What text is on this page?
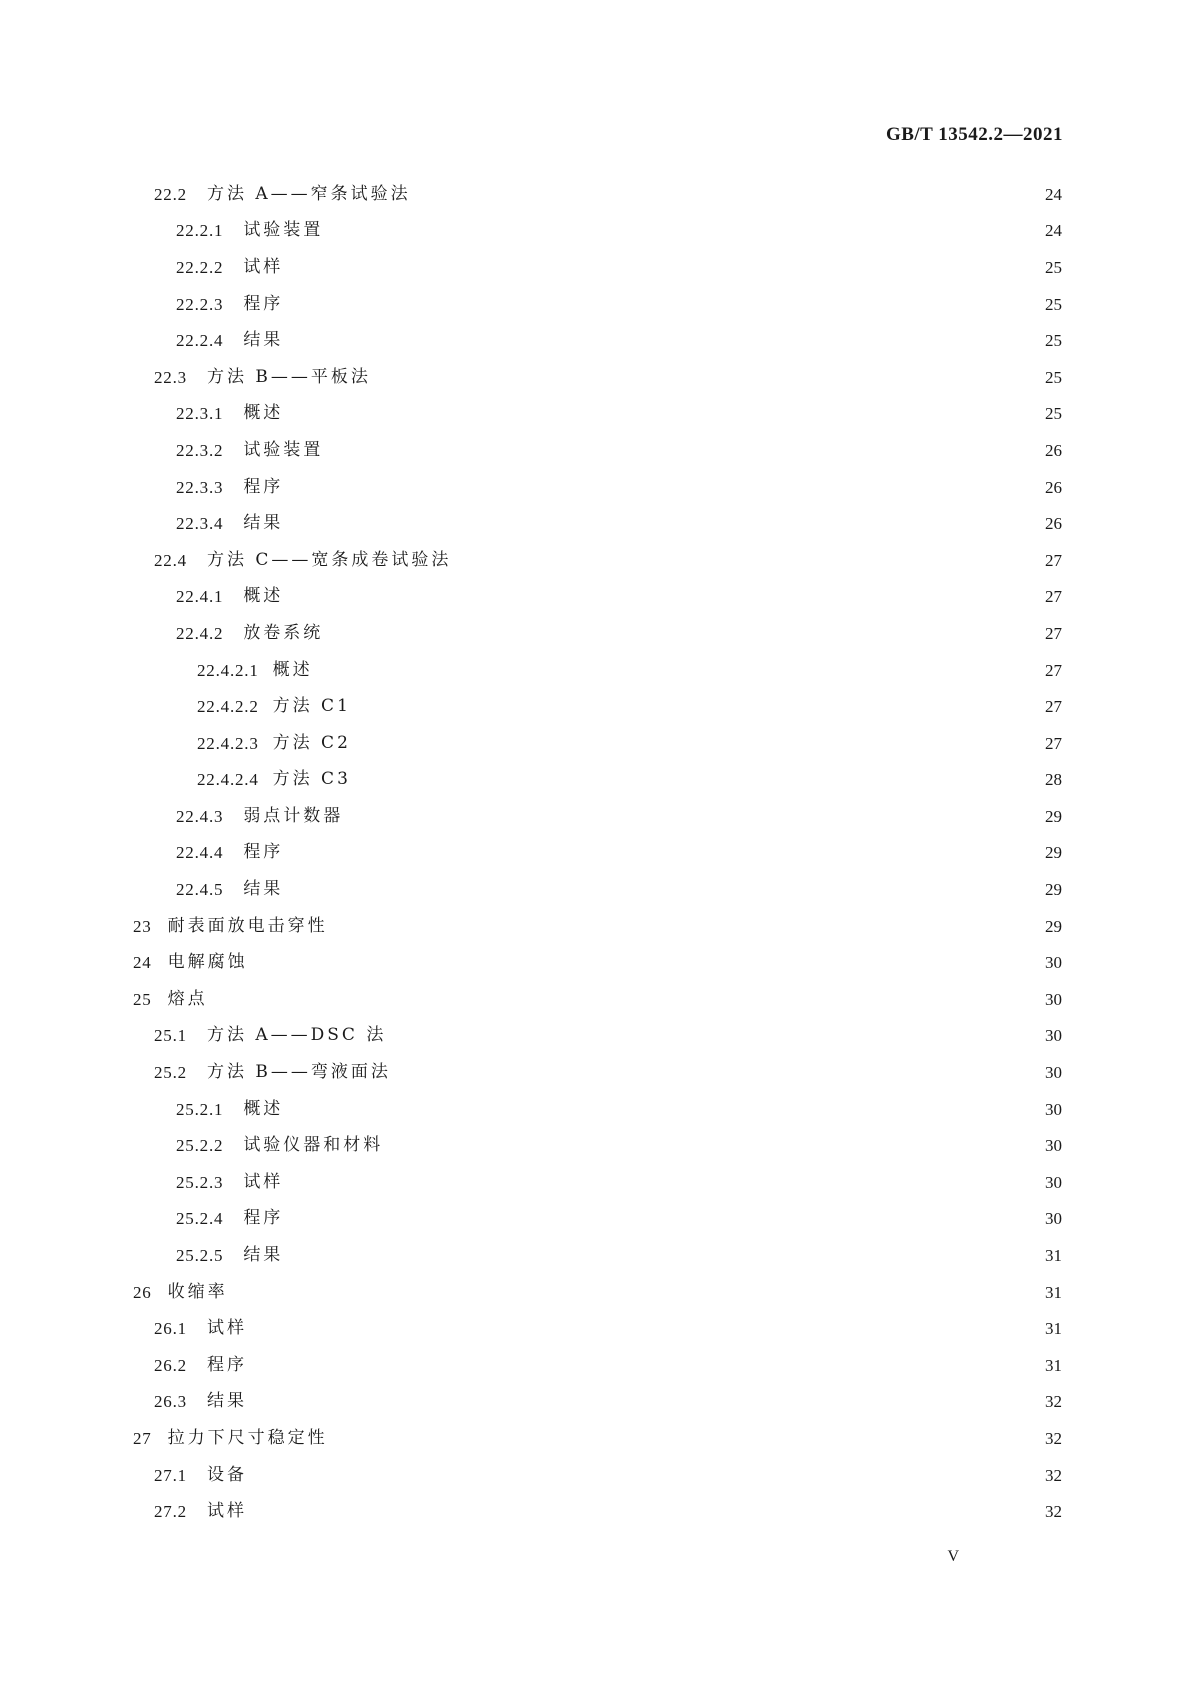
GB/T 13542.2—2021
22.2 方法 A——窄条试验法	24
22.2.1 试验装置	24
22.2.2 试样	25
22.2.3 程序	25
22.2.4 结果	25
22.3 方法 B——平板法	25
22.3.1 概述	25
22.3.2 试验装置	26
22.3.3 程序	26
22.3.4 结果	26
22.4 方法 C——宽条成卷试验法	27
22.4.1 概述	27
22.4.2 放卷系统	27
22.4.2.1 概述	27
22.4.2.2 方法 C1	27
22.4.2.3 方法 C2	27
22.4.2.4 方法 C3	28
22.4.3 弱点计数器	29
22.4.4 程序	29
22.4.5 结果	29
23 耐表面放电击穿性	29
24 电解腐蚀	30
25 熔点	30
25.1 方法 A——DSC 法	30
25.2 方法 B——弯液面法	30
25.2.1 概述	30
25.2.2 试验仪器和材料	30
25.2.3 试样	30
25.2.4 程序	30
25.2.5 结果	31
26 收缩率	31
26.1 试样	31
26.2 程序	31
26.3 结果	32
27 拉力下尺寸稳定性	32
27.1 设备	32
27.2 试样	32
V
